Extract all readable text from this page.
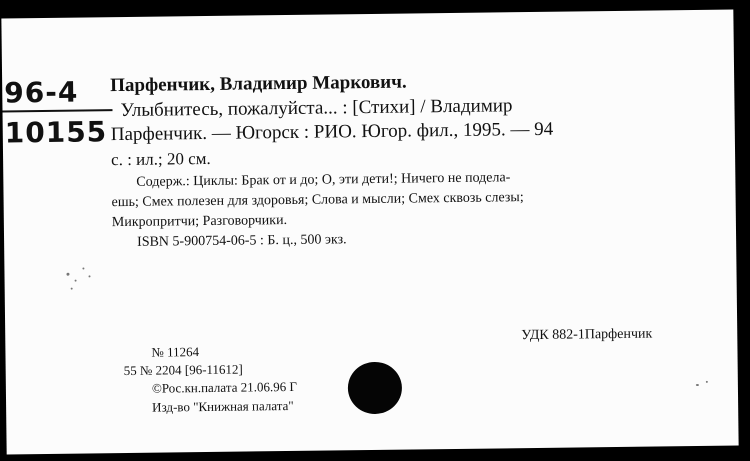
96-4
10155
Парфенчик, Владимир Маркович.
Улыбнитесь, пожалуйста... : [Стихи] / Владимир
Парфенчик. — Югорск : РИО. Югор. фил., 1995. — 94
с. : ил.; 20 см.
Содерж.: Циклы: Брак от и до; О, эти дети!; Ничего не подела-
ешь; Смех полезен для здоровья; Слова и мысли; Смех сквозь слезы;
Микропритчи; Разговорчики.
ISBN 5-900754-06-5 : Б. ц., 500 экз.
УДК 882-1Парфенчик
№ 11264
55 № 2204 [96-11612]
©Рос.кн.палата 21.06.96 Г
Изд-во "Книжная палата"
